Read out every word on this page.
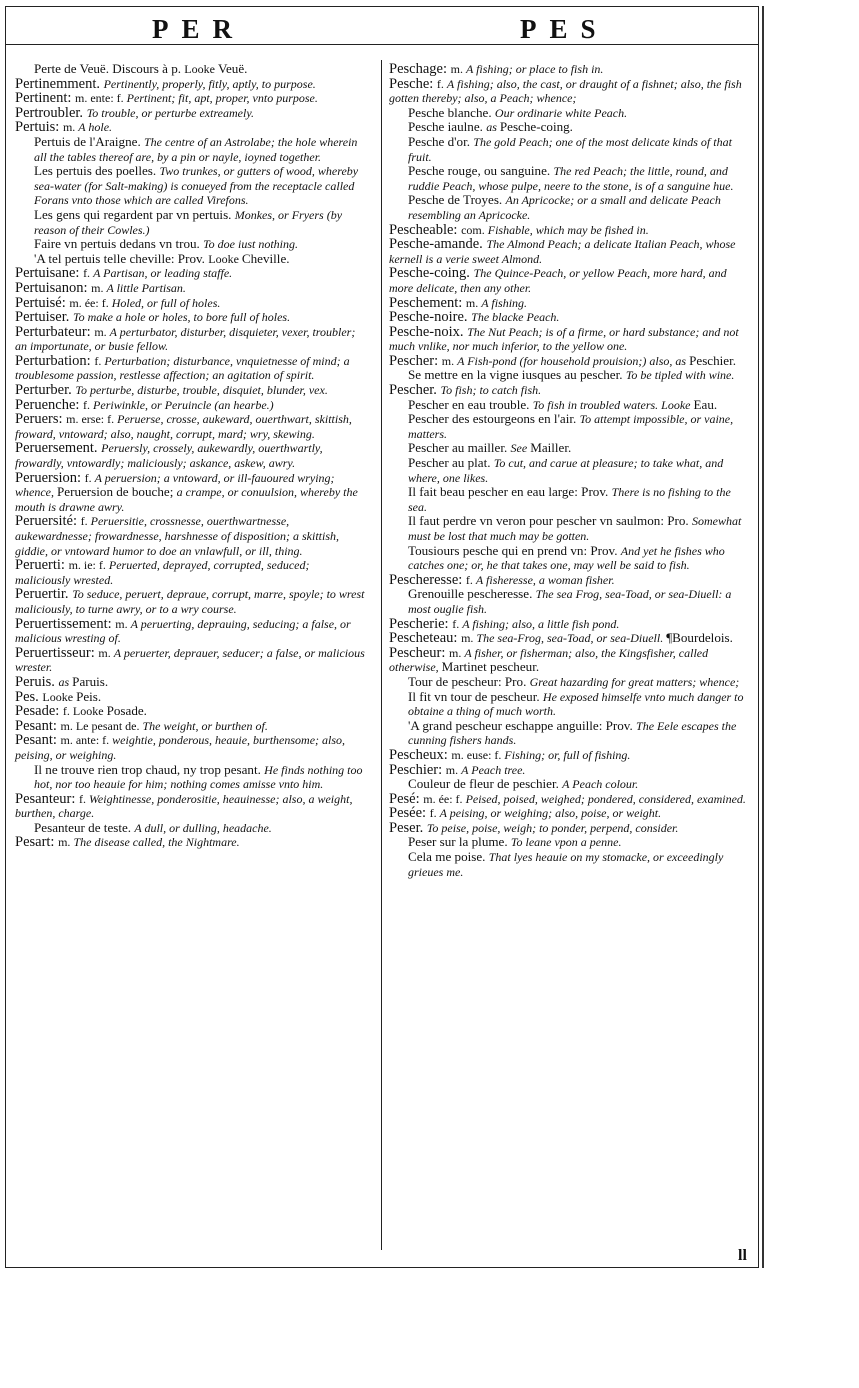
PER	PES
Perte de Veuë. Discours à p. Looke Veuë.
Pertinemment. Pertinently, properly, fitly, aptly, to purpose.
Pertinent: m. ente: f. Pertinent; fit, apt, proper, vnto purpose.
Pertroubler. To trouble, or perturbe extreamely.
Pertuis: m. A hole.
Pertuis de l'Araigne. The centre of an Astrolabe; the hole wherein all the tables thereof are, by a pin or nayle, ioyned together.
Les pertuis des poelles. Two trunkes, or gutters of wood, whereby sea-water (for Salt-making) is conueyed from the receptacle called Forans vnto those which are called Virefons.
Les gens qui regardent par vn pertuis. Monkes, or Fryers (by reason of their Cowles.)
Faire vn pertuis dedans vn trou. To doe iust nothing.
'A tel pertuis telle cheville: Prov. Looke Cheville.
Pertuisane: f. A Partisan, or leading staffe.
Pertuisanon: m. A little Partisan.
Pertuisé: m. ée: f. Holed, or full of holes.
Pertuiser. To make a hole or holes, to bore full of holes.
Perturbateur: m. A perturbator, disturber, disquieter, vexer, troubler; an importunate, or busie fellow.
Perturbation: f. Perturbation; disturbance, vnquietnesse of mind; a troublesome passion, restlesse affection; an agitation of spirit.
Perturber. To perturbe, disturbe, trouble, disquiet, blunder, vex.
Peruenche: f. Periwinkle, or Peruincle (an hearbe.)
Peruers: m. erse: f. Peruerse, crosse, aukeward, ouerthwart, skittish, froward, vntoward; also, naught, corrupt, mard; wry, skewing.
Peruersement. Peruersly, crossely, aukewardly, ouerthwartly, frowardly, vntowardly; maliciously; askance, askew, awry.
Peruersion: f. A peruersion; a vntoward, or ill-fauoured wrying; whence, Peruersion de bouche; a crampe, or conuulsion, whereby the mouth is drawne awry.
Peruersité: f. Peruersitie, crossnesse, ouerthwartnesse, aukewardnesse; frowardnesse, harshnesse of disposition; a skittish, giddie, or vntoward humor to doe an vnlawfull, or ill, thing.
Peruerti: m. ie: f. Peruerted, deprayed, corrupted, seduced; maliciously wrested.
Peruertir. To seduce, peruert, depraue, corrupt, marre, spoyle; to wrest maliciously, to turne awry, or to a wry course.
Peruertissement: m. A peruerting, deprauing, seducing; a false, or malicious wresting of.
Peruertisseur: m. A peruerter, deprauer, seducer; a false, or malicious wrester.
Peruis. as Paruis.
Pes. Looke Peis.
Pesade: f. Looke Posade.
Pesant: m. Le pesant de. The weight, or burthen of.
Pesant: m. ante: f. weightie, ponderous, heauie, burthensome; also, peising, or weighing.
Il ne trouve rien trop chaud, ny trop pesant. He finds nothing too hot, nor too heauie for him; nothing comes amisse vnto him.
Pesanteur: f. Weightinesse, ponderositie, heauinesse; also, a weight, burthen, charge.
Pesanteur de teste. A dull, or dulling, headache.
Pesart: m. The disease called, the Nightmare.
Peschage: m. A fishing; or place to fish in.
Pesche: f. A fishing; also, the cast, or draught of a fishnet; also, the fish gotten thereby; also, a Peach; whence;
Pesche blanche. Our ordinarie white Peach.
Pesche iaulne. as Pesche-coing.
Pesche d'or. The gold Peach; one of the most delicate kinds of that fruit.
Pesche rouge, ou sanguine. The red Peach; the little, round, and ruddie Peach, whose pulpe, neere to the stone, is of a sanguine hue.
Pesche de Troyes. An Apricocke; or a small and delicate Peach resembling an Apricocke.
Pescheable: com. Fishable, which may be fished in.
Pesche-amande. The Almond Peach; a delicate Italian Peach, whose kernell is a verie sweet Almond.
Pesche-coing. The Quince-Peach, or yellow Peach, more hard, and more delicate, then any other.
Peschement: m. A fishing.
Pesche-noire. The blacke Peach.
Pesche-noix. The Nut Peach; is of a firme, or hard substance; and not much vnlike, nor much inferior, to the yellow one.
Pescher: m. A Fish-pond (for household prouision;) also, as Peschier.
Se mettre en la vigne iusques au pescher. To be tipled with wine.
Pescher. To fish; to catch fish.
Pescher en eau trouble. To fish in troubled waters. Looke Eau.
Pescher des estourgeons en l'air. To attempt impossible, or vaine, matters.
Pescher au mailler. See Mailler.
Pescher au plat. To cut, and carue at pleasure; to take what, and where, one likes.
Il fait beau pescher en eau large: Prov. There is no fishing to the sea.
Il faut perdre vn veron pour pescher vn saulmon: Pro. Somewhat must be lost that much may be gotten.
Tousiours pesche qui en prend vn: Prov. And yet he fishes who catches one; or, he that takes one, may well be said to fish.
Pescheresse: f. A fisheresse, a woman fisher.
Grenouille pescheresse. The sea Frog, sea-Toad, or sea-Diuell: a most ouglie fish.
Pescherie: f. A fishing; also, a little fish pond.
Pescheteau: m. The sea-Frog, sea-Toad, or sea-Diuell. ¶Bourdelois.
Pescheur: m. A fisher, or fisherman; also, the Kingsfisher, called otherwise, Martinet pescheur.
Tour de pescheur: Pro. Great hazarding for great matters; whence;
Il fit vn tour de pescheur. He exposed himselfe vnto much danger to obtaine a thing of much worth.
'A grand pescheur eschappe anguille: Prov. The Eele escapes the cunning fishers hands.
Pescheux: m. euse: f. Fishing; or, full of fishing.
Peschier: m. A Peach tree.
Couleur de fleur de peschier. A Peach colour.
Pesé: m. ée: f. Peised, poised, weighed; pondered, considered, examined.
Pesée: f. A peising, or weighing; also, poise, or weight.
Peser. To peise, poise, weigh; to ponder, perpend, consider.
Peser sur la plume. To leane vpon a penne.
Cela me poise. That lyes heauie on my stomacke, or exceedingly grieues me.
ll
